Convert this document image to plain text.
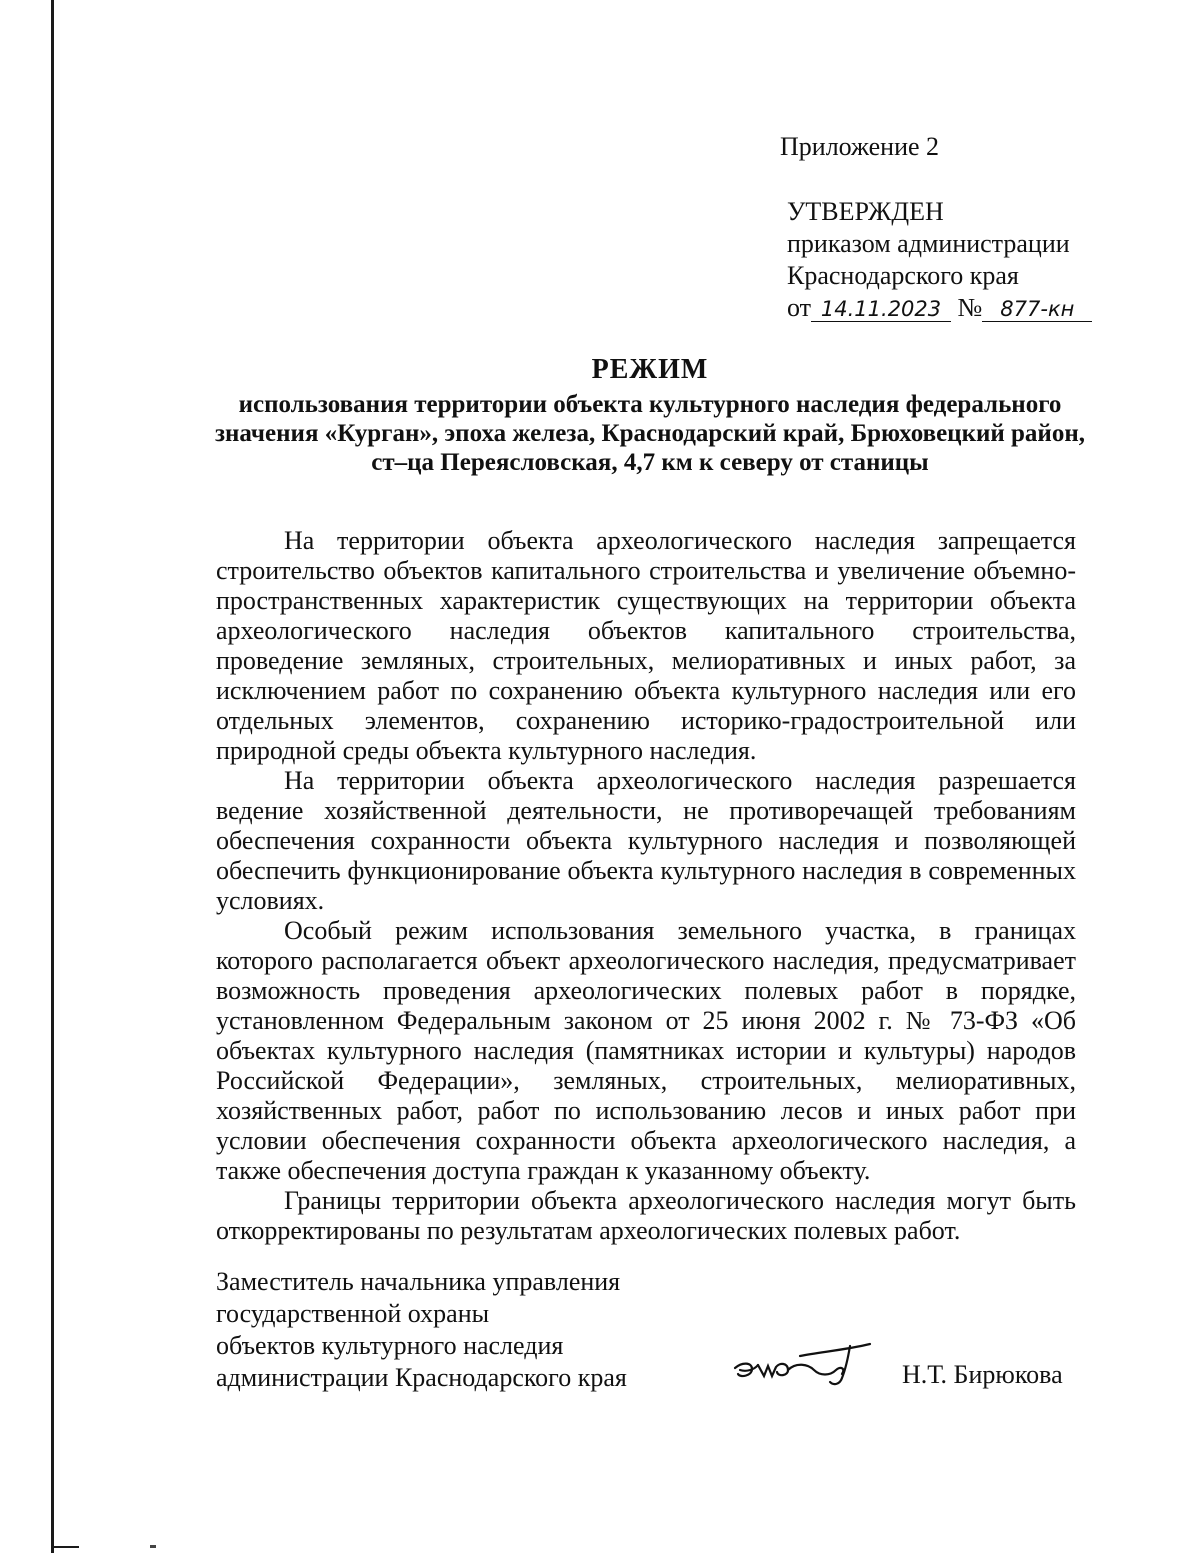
Приложение 2
УТВЕРЖДЕН
приказом администрации
Краснодарского края
от 14.11.2023 № 877-кн
РЕЖИМ
использования территории объекта культурного наследия федерального значения «Курган», эпоха железа, Краснодарский край, Брюховецкий район, ст–ца Переясловская, 4,7 км к северу от станицы

На территории объекта археологического наследия запрещается строительство объектов капитального строительства и увеличение объемно-пространственных характеристик существующих на территории объекта археологического наследия объектов капитального строительства, проведение земляных, строительных, мелиоративных и иных работ, за исключением работ по сохранению объекта культурного наследия или его отдельных элементов, сохранению историко-градостроительной или природной среды объекта культурного наследия.

На территории объекта археологического наследия разрешается ведение хозяйственной деятельности, не противоречащей требованиям обеспечения сохранности объекта культурного наследия и позволяющей обеспечить функционирование объекта культурного наследия в современных условиях.

Особый режим использования земельного участка, в границах которого располагается объект археологического наследия, предусматривает возможность проведения археологических полевых работ в порядке, установленном Федеральным законом от 25 июня 2002 г. № 73-ФЗ «Об объектах культурного наследия (памятниках истории и культуры) народов Российской Федерации», земляных, строительных, мелиоративных, хозяйственных работ, работ по использованию лесов и иных работ при условии обеспечения сохранности объекта археологического наследия, а также обеспечения доступа граждан к указанному объекту.

Границы территории объекта археологического наследия могут быть откорректированы по результатам археологических полевых работ.

Заместитель начальника управления
государственной охраны
объектов культурного наследия
администрации Краснодарского края	Н.Т. Бирюкова
